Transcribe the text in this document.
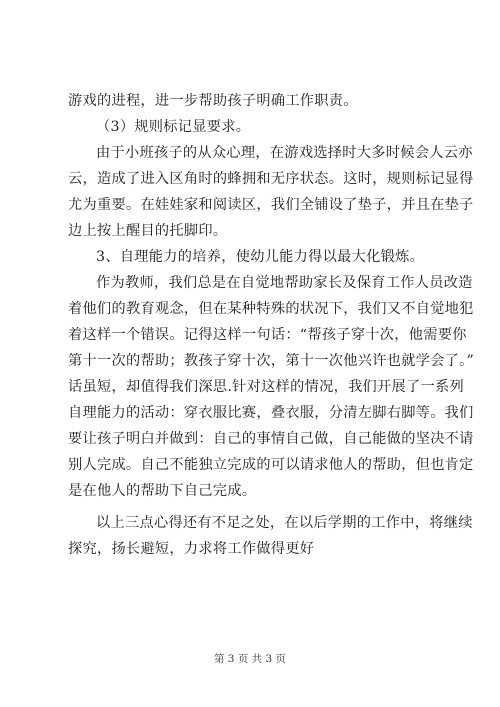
游戏的进程，进一步帮助孩子明确工作职责。
（3）规则标记显要求。
由于小班孩子的从众心理，在游戏选择时大多时候会人云亦
云，造成了进入区角时的蜂拥和无序状态。这时，规则标记显得
尤为重要。在娃娃家和阅读区，我们全铺设了垫子，并且在垫子
边上按上醒目的托脚印。
3、自理能力的培养，使幼儿能力得以最大化锻炼。
作为教师，我们总是在自觉地帮助家长及保育工作人员改造
着他们的教育观念，但在某种特殊的状况下，我们又不自觉地犯
着这样一个错误。记得这样一句话：“帮孩子穿十次，他需要你
第十一次的帮助；教孩子穿十次，第十一次他兴许也就学会了。”
话虽短，却值得我们深思.针对这样的情况，我们开展了一系列
自理能力的活动：穿衣服比赛，叠衣服，分清左脚右脚等。我们
要让孩子明白并做到：自己的事情自己做，自己能做的坚决不请
别人完成。自己不能独立完成的可以请求他人的帮助，但也肯定
是在他人的帮助下自己完成。
以上三点心得还有不足之处，在以后学期的工作中，将继续
探究，扬长避短，力求将工作做得更好
第 3 页 共 3 页
